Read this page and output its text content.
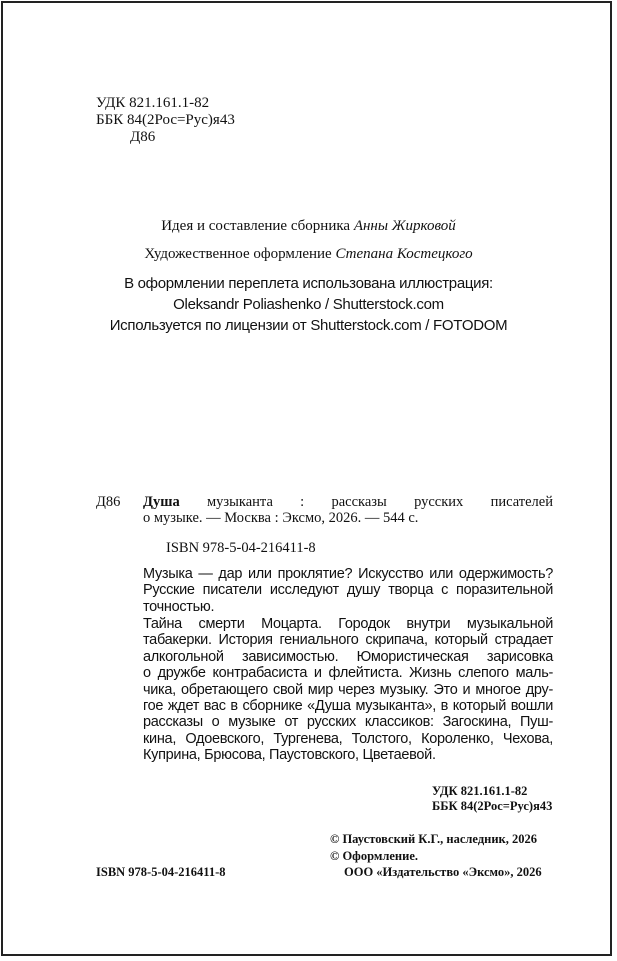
УДК 821.161.1-82
ББК 84(2Рос=Рус)я43
Д86
Идея и составление сборника Анны Жирковой
Художественное оформление Степана Костецкого
В оформлении переплета использована иллюстрация:
Oleksandr Poliashenko / Shutterstock.com
Используется по лицензии от Shutterstock.com / FOTODOM
Д86 Душа музыканта : рассказы русских писателей
о музыке. — Москва : Эксмо, 2026. — 544 с.
ISBN 978-5-04-216411-8
Музыка — дар или проклятие? Искусство или одержимость?
Русские писатели исследуют душу творца с поразительной
точностью.
Тайна смерти Моцарта. Городок внутри музыкальной
табакерки. История гениального скрипача, который страдает
алкогольной зависимостью. Юмористическая зарисовка
о дружбе контрабасиста и флейтиста. Жизнь слепого маль-
чика, обретающего свой мир через музыку. Это и многое дру-
гое ждет вас в сборнике «Душа музыканта», в который вошли
рассказы о музыке от русских классиков: Загоскина, Пуш-
кина, Одоевского, Тургенева, Толстого, Короленко, Чехова,
Куприна, Брюсова, Паустовского, Цветаевой.
УДК 821.161.1-82
ББК 84(2Рос=Рус)я43
© Паустовский К.Г., наследник, 2026
© Оформление.
ISBN 978-5-04-216411-8	ООО «Издательство «Эксмо», 2026
